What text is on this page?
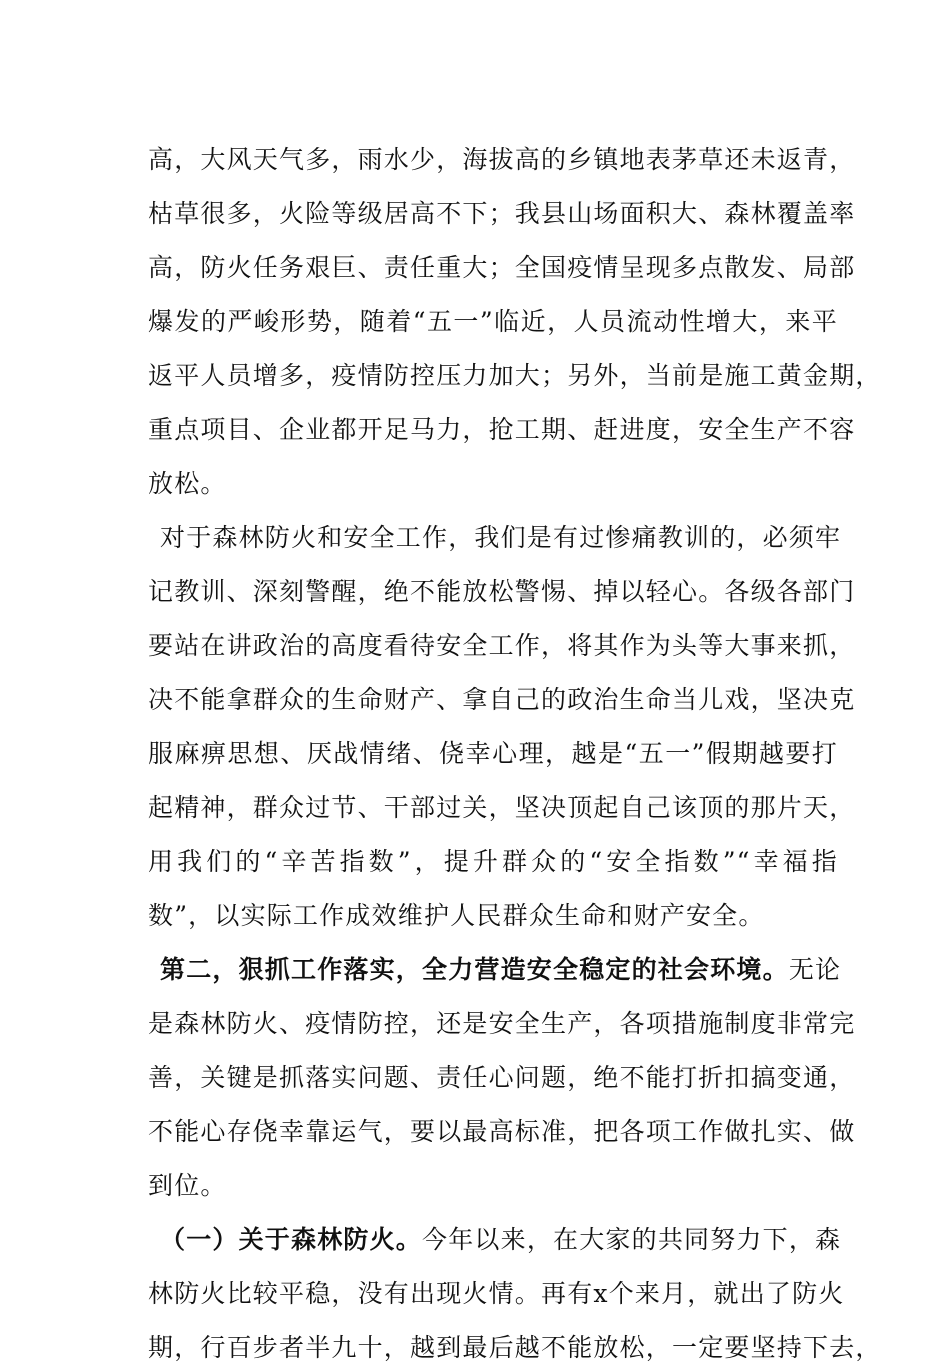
高，大风天气多，雨水少，海拔高的乡镇地表茅草还未返青，
枯草很多，火险等级居高不下；我县山场面积大、森林覆盖率
高，防火任务艰巨、责任重大；全国疫情呈现多点散发、局部
爆发的严峻形势，随着“五一”临近，人员流动性增大，来平
返平人员增多，疫情防控压力加大；另外，当前是施工黄金期，
重点项目、企业都开足马力，抢工期、赶进度，安全生产不容
放松。
对于森林防火和安全工作，我们是有过惨痛教训的，必须牢
记教训、深刻警醒，绝不能放松警惕、掉以轻心。各级各部门
要站在讲政治的高度看待安全工作，将其作为头等大事来抓，
决不能拿群众的生命财产、拿自己的政治生命当儿戏，坚决克
服麻痹思想、厌战情绪、侥幸心理，越是“五一”假期越要打
起精神，群众过节、干部过关，坚决顶起自己该顶的那片天，
用我们的“辛苦指数”，提升群众的“安全指数”“幸福指
数”，以实际工作成效维护人民群众生命和财产安全。
第二，狠抓工作落实，全力营造安全稳定的社会环境。无论
是森林防火、疫情防控，还是安全生产，各项措施制度非常完
善，关键是抓落实问题、责任心问题，绝不能打折扣搞变通，
不能心存侥幸靠运气，要以最高标准，把各项工作做扎实、做
到位。
（一）关于森林防火。今年以来，在大家的共同努力下，森
林防火比较平稳，没有出现火情。再有x个来月，就出了防火
期，行百步者半九十，越到最后越不能放松，一定要坚持下去，
